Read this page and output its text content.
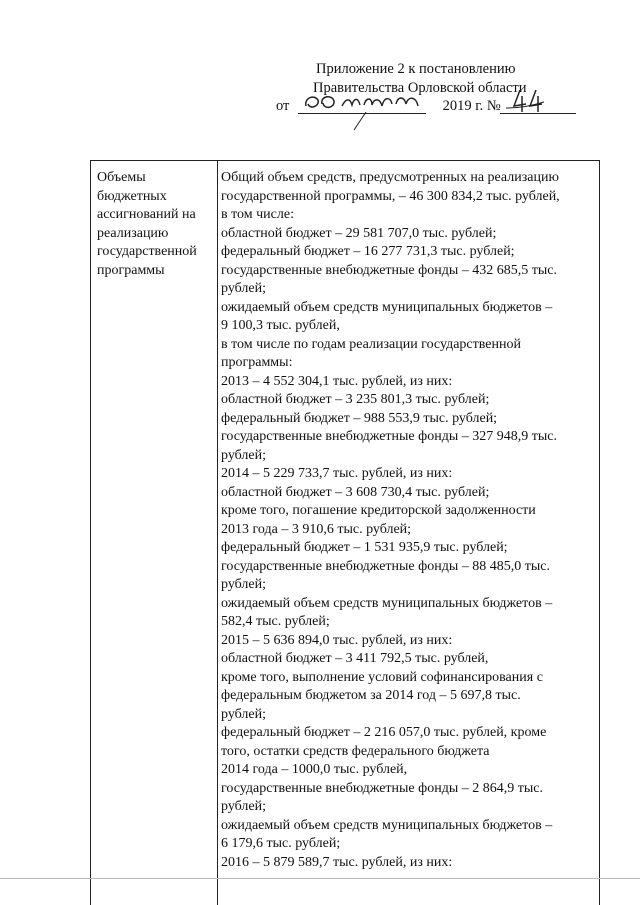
Приложение 2 к постановлению
Правительства Орловской области
от	2019 г. №
Объемы
бюджетных
ассигнований на
реализацию
государственной
программы
Общий объем средств, предусмотренных на реализацию
государственной программы, – 46 300 834,2 тыс. рублей,
в том числе:
областной бюджет – 29 581 707,0 тыс. рублей;
федеральный бюджет – 16 277 731,3 тыс. рублей;
государственные внебюджетные фонды – 432 685,5 тыс.
рублей;
ожидаемый объем средств муниципальных бюджетов –
9 100,3 тыс. рублей,
в том числе по годам реализации государственной
программы:
2013 – 4 552 304,1 тыс. рублей, из них:
областной бюджет – 3 235 801,3 тыс. рублей;
федеральный бюджет – 988 553,9 тыс. рублей;
государственные внебюджетные фонды – 327 948,9 тыс.
рублей;
2014 – 5 229 733,7 тыс. рублей, из них:
областной бюджет – 3 608 730,4 тыс. рублей;
кроме того, погашение кредиторской задолженности
2013 года – 3 910,6 тыс. рублей;
федеральный бюджет – 1 531 935,9 тыс. рублей;
государственные внебюджетные фонды – 88 485,0 тыс.
рублей;
ожидаемый объем средств муниципальных бюджетов –
582,4 тыс. рублей;
2015 – 5 636 894,0 тыс. рублей, из них:
областной бюджет – 3 411 792,5 тыс. рублей,
кроме того, выполнение условий софинансирования с
федеральным бюджетом за 2014 год – 5 697,8 тыс.
рублей;
федеральный бюджет – 2 216 057,0 тыс. рублей, кроме
того, остатки средств федерального бюджета
2014 года – 1000,0 тыс. рублей,
государственные внебюджетные фонды – 2 864,9 тыс.
рублей;
ожидаемый объем средств муниципальных бюджетов –
6 179,6 тыс. рублей;
2016 – 5 879 589,7 тыс. рублей, из них:
